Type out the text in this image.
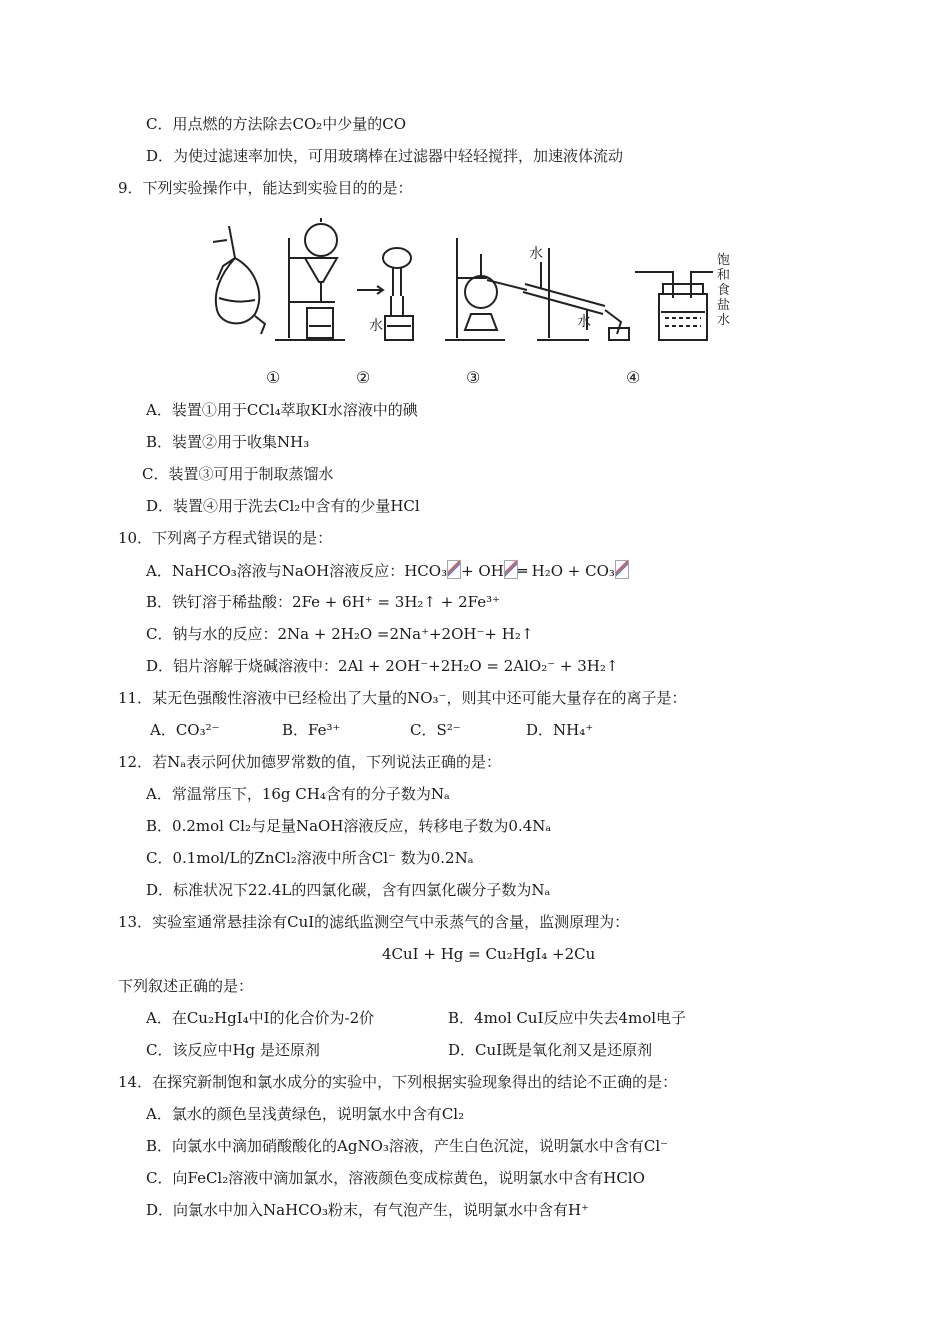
C．用点燃的方法除去CO₂中少量的CO
D．为使过滤速率加快，可用玻璃棒在过滤器中轻轻搅拌，加速液体流动
9．下列实验操作中，能达到实验目的的是：
水
水
水
饱和食盐水
①	②	③	④
A．装置①用于CCl₄萃取KI水溶液中的碘
B．装置②用于收集NH₃
C．装置③可用于制取蒸馏水
D．装置④用于洗去Cl₂中含有的少量HCl
10．下列离子方程式错误的是：
A．NaHCO₃溶液与NaOH溶液反应：HCO₃ + OH ═ H₂O + CO₃
B．铁钉溶于稀盐酸：2Fe + 6H⁺ = 3H₂↑ + 2Fe³⁺
C．钠与水的反应：2Na + 2H₂O =2Na⁺+2OH⁻+ H₂↑
D．铝片溶解于烧碱溶液中：2Al + 2OH⁻+2H₂O = 2AlO₂⁻ + 3H₂↑
11．某无色强酸性溶液中已经检出了大量的NO₃⁻，则其中还可能大量存在的离子是：
A．CO₃²⁻	B．Fe³⁺	C．S²⁻	D．NH₄⁺
12．若Nₐ表示阿伏加德罗常数的值，下列说法正确的是：
A．常温常压下，16g CH₄含有的分子数为Nₐ
B．0.2mol Cl₂与足量NaOH溶液反应，转移电子数为0.4Nₐ
C．0.1mol/L的ZnCl₂溶液中所含Cl⁻ 数为0.2Nₐ
D．标准状况下22.4L的四氯化碳，含有四氯化碳分子数为Nₐ
13．实验室通常悬挂涂有CuI的滤纸监测空气中汞蒸气的含量，监测原理为：
4CuI + Hg = Cu₂HgI₄ +2Cu
下列叙述正确的是：
A．在Cu₂HgI₄中I的化合价为-2价	B．4mol CuI反应中失去4mol电子
C．该反应中Hg 是还原剂	D．CuI既是氧化剂又是还原剂
14．在探究新制饱和氯水成分的实验中，下列根据实验现象得出的结论不正确的是：
A．氯水的颜色呈浅黄绿色，说明氯水中含有Cl₂
B．向氯水中滴加硝酸酸化的AgNO₃溶液，产生白色沉淀，说明氯水中含有Cl⁻
C．向FeCl₂溶液中滴加氯水，溶液颜色变成棕黄色，说明氯水中含有HClO
D．向氯水中加入NaHCO₃粉末，有气泡产生，说明氯水中含有H⁺
